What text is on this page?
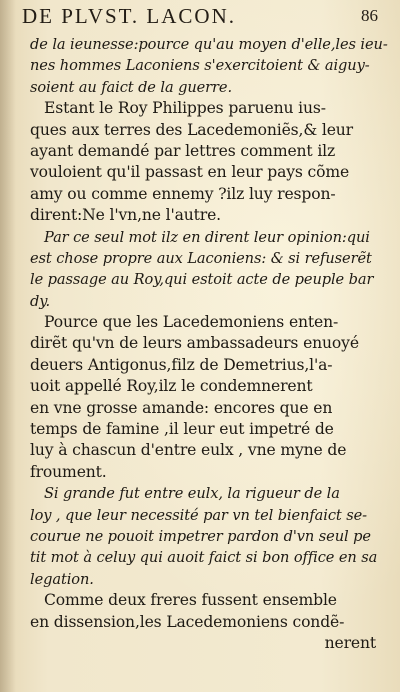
DE PLVST. LACON.	86
de la ieunesse:pource qu'au moyen d'elle,les ieu-
nes hommes Laconiens s'exercitoient & aiguy-
soient au faict de la guerre.
Estant le Roy Philippes paruenu ius-
ques aux terres des Lacedemoniẽs,& leur
ayant demandé par lettres comment ilz
vouloient qu'il passast en leur pays cõme
amy ou comme ennemy ?ilz luy respon-
dirent:Ne l'vn,ne l'autre.
Par ce seul mot ilz en dirent leur opinion:qui
est chose propre aux Laconiens: & si refuserẽt
le passage au Roy,qui estoit acte de peuple bar
dy.
Pource que les Lacedemoniens enten-
dirẽt qu'vn de leurs ambassadeurs enuoyé
deuers Antigonus,filz de Demetrius,l'a-
uoit appellé Roy,ilz le condemnerent
en vne grosse amande: encores que en
temps de famine ,il leur eut impetré de
luy à chascun d'entre eulx , vne myne de
froument.
Si grande fut entre eulx, la rigueur de la
loy , que leur necessité par vn tel bienfaict se-
courue ne pouoit impetrer pardon d'vn seul pe
tit mot à celuy qui auoit faict si bon office en sa
legation.
Comme deux freres fussent ensemble
en dissension,les Lacedemoniens condẽ-
nerent
